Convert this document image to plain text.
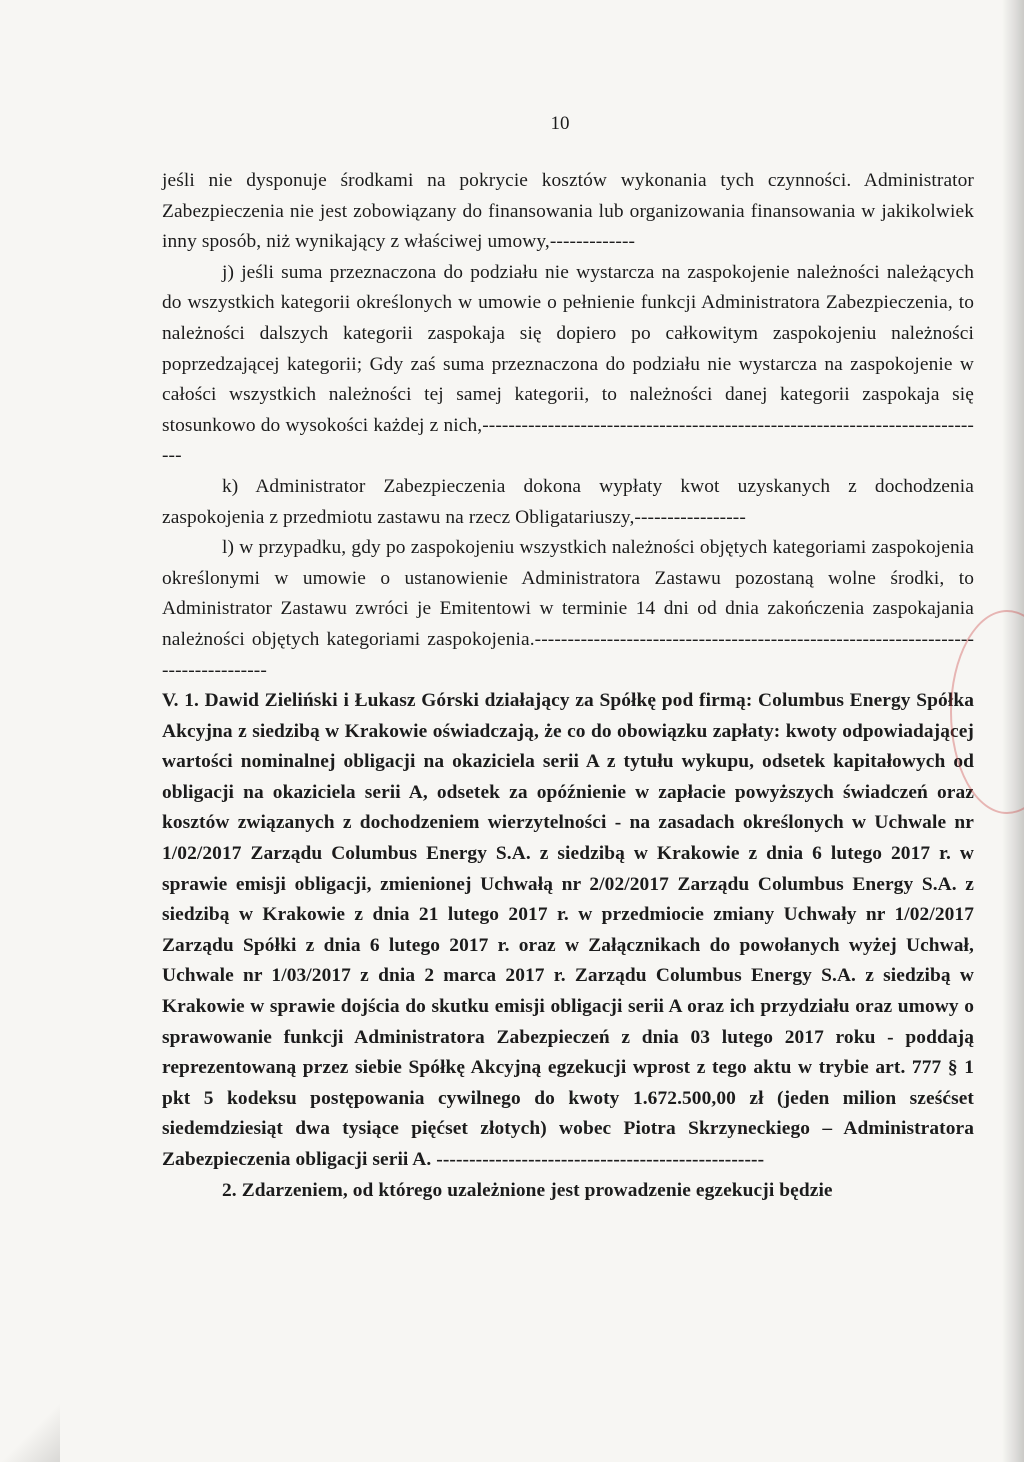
10

jeśli nie dysponuje środkami na pokrycie kosztów wykonania tych czynności. Administrator Zabezpieczenia nie jest zobowiązany do finansowania lub organizowania finansowania w jakikolwiek inny sposób, niż wynikający z właściwej umowy,-------------

j) jeśli suma przeznaczona do podziału nie wystarcza na zaspokojenie należności należących do wszystkich kategorii określonych w umowie o pełnienie funkcji Administratora Zabezpieczenia, to należności dalszych kategorii zaspokaja się dopiero po całkowitym zaspokojeniu należności poprzedzającej kategorii; Gdy zaś suma przeznaczona do podziału nie wystarcza na zaspokojenie w całości wszystkich należności tej samej kategorii, to należności danej kategorii zaspokaja się stosunkowo do wysokości każdej z nich,------------------------------------------------------------------------------

k) Administrator Zabezpieczenia dokona wypłaty kwot uzyskanych z dochodzenia zaspokojenia z przedmiotu zastawu na rzecz Obligatariuszy,-----------------

l) w przypadku, gdy po zaspokojeniu wszystkich należności objętych kategoriami zaspokojenia określonymi w umowie o ustanowienie Administratora Zastawu pozostaną wolne środki, to Administrator Zastawu zwróci je Emitentowi w terminie 14 dni od dnia zakończenia zaspokajania należności objętych kategoriami zaspokojenia.-----------------------------------------------------------------------------------

V. 1. Dawid Zieliński i Łukasz Górski działający za Spółkę pod firmą: Columbus Energy Spółka Akcyjna z siedzibą w Krakowie oświadczają, że co do obowiązku zapłaty: kwoty odpowiadającej wartości nominalnej obligacji na okaziciela serii A z tytułu wykupu, odsetek kapitałowych od obligacji na okaziciela serii A, odsetek za opóźnienie w zapłacie powyższych świadczeń oraz kosztów związanych z dochodzeniem wierzytelności - na zasadach określonych w Uchwale nr 1/02/2017 Zarządu Columbus Energy S.A. z siedzibą w Krakowie z dnia 6 lutego 2017 r. w sprawie emisji obligacji, zmienionej Uchwałą nr 2/02/2017 Zarządu Columbus Energy S.A. z siedzibą w Krakowie z dnia 21 lutego 2017 r. w przedmiocie zmiany Uchwały nr 1/02/2017 Zarządu Spółki z dnia 6 lutego 2017 r. oraz w Załącznikach do powołanych wyżej Uchwał, Uchwale nr 1/03/2017 z dnia 2 marca 2017 r. Zarządu Columbus Energy S.A. z siedzibą w Krakowie w sprawie dojścia do skutku emisji obligacji serii A oraz ich przydziału oraz umowy o sprawowanie funkcji Administratora Zabezpieczeń z dnia 03 lutego 2017 roku - poddają reprezentowaną przez siebie Spółkę Akcyjną egzekucji wprost z tego aktu w trybie art. 777 § 1 pkt 5 kodeksu postępowania cywilnego do kwoty 1.672.500,00 zł (jeden milion sześćset siedemdziesiąt dwa tysiące pięćset złotych) wobec Piotra Skrzyneckiego – Administratora Zabezpieczenia obligacji serii A. --------------------------------------------------

2. Zdarzeniem, od którego uzależnione jest prowadzenie egzekucji będzie
